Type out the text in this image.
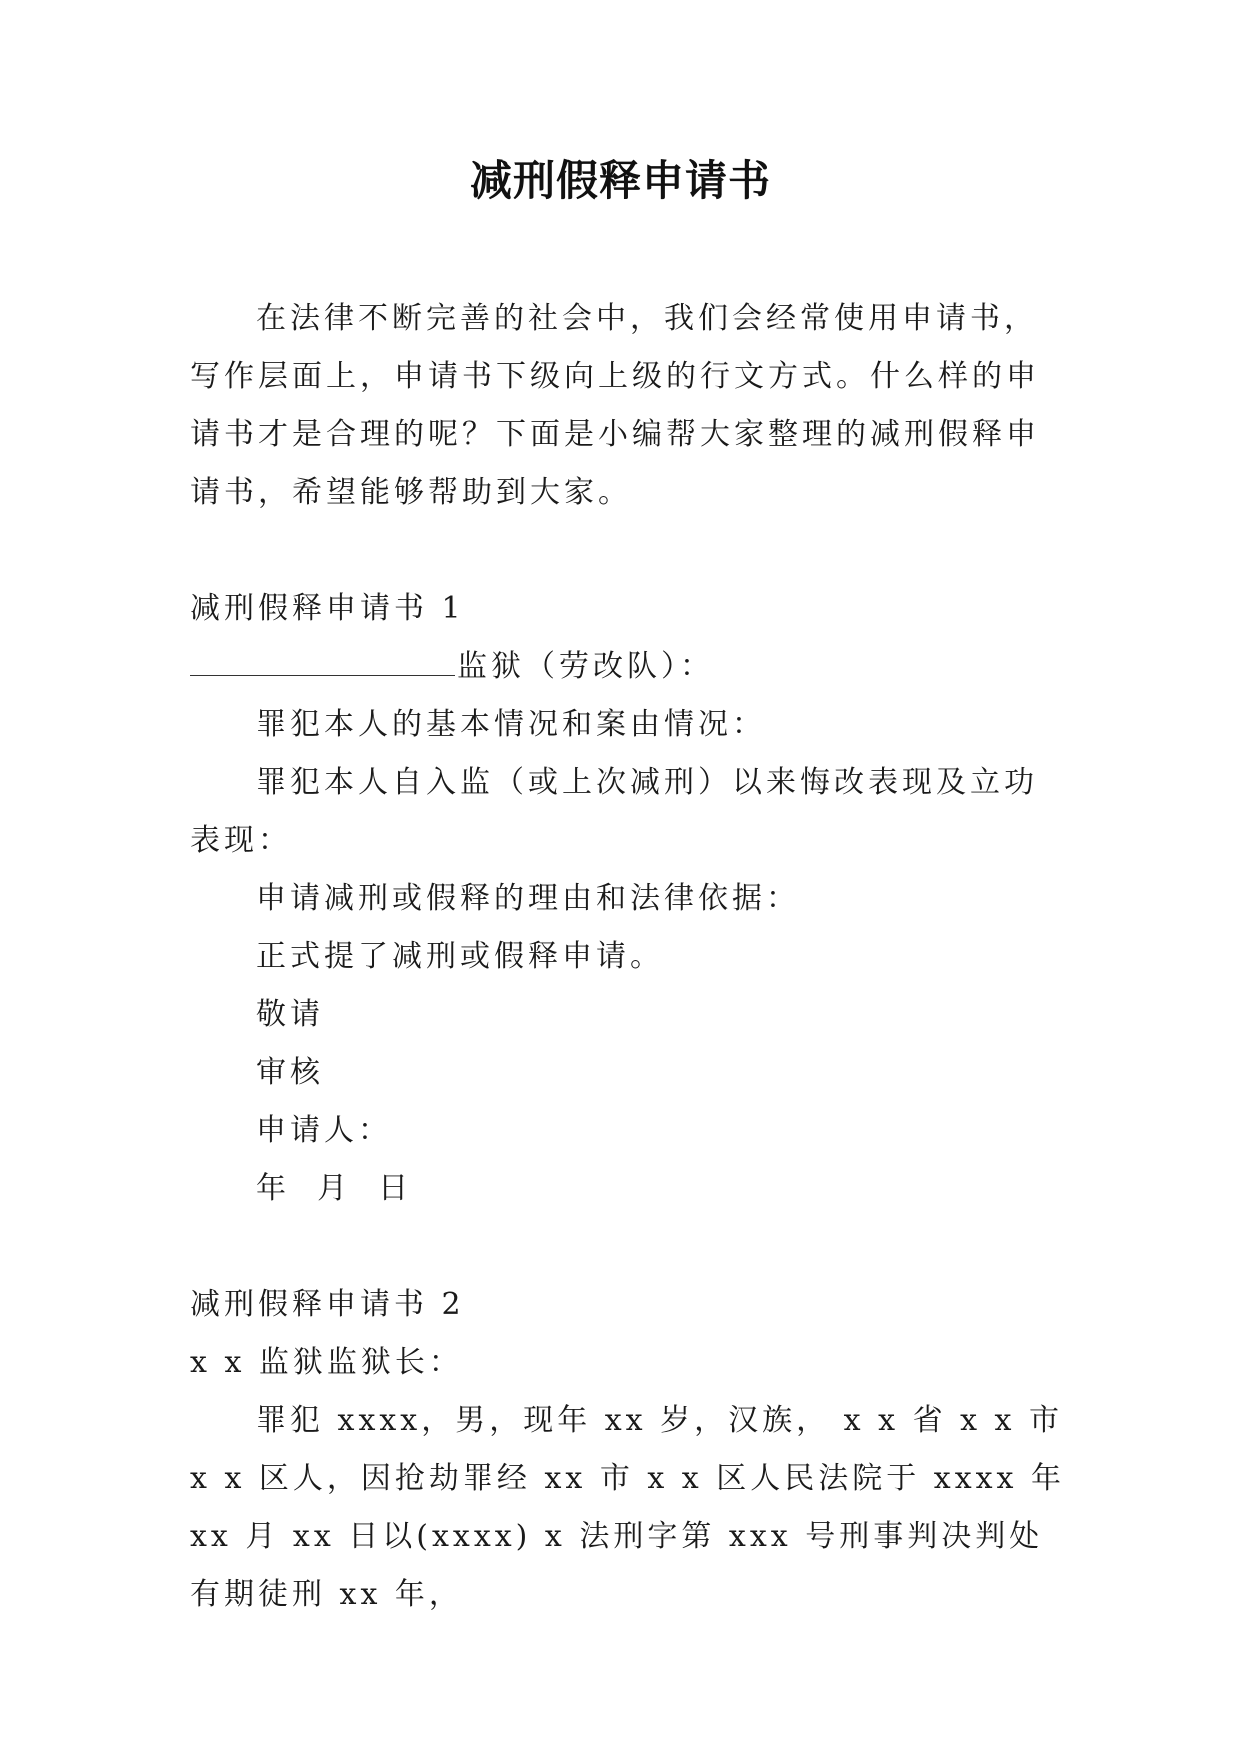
减刑假释申请书

在法律不断完善的社会中，我们会经常使用申请书，写作层面上，申请书下级向上级的行文方式。什么样的申请书才是合理的呢？下面是小编帮大家整理的减刑假释申请书，希望能够帮助到大家。

减刑假释申请书 1

监狱（劳改队）：

罪犯本人的基本情况和案由情况：

罪犯本人自入监（或上次减刑）以来悔改表现及立功表现：

申请减刑或假释的理由和法律依据：

正式提了减刑或假释申请。

敬请

审核

申请人：

年  月  日

减刑假释申请书 2

x x 监狱监狱长：

罪犯 xxxx，男，现年 xx 岁，汉族， x x 省 x x 市 x x 区人，因抢劫罪经 xx 市 x x 区人民法院于 xxxx 年 xx 月 xx 日以(xxxx) x 法刑字第 xxx 号刑事判决判处有期徒刑 xx 年，
